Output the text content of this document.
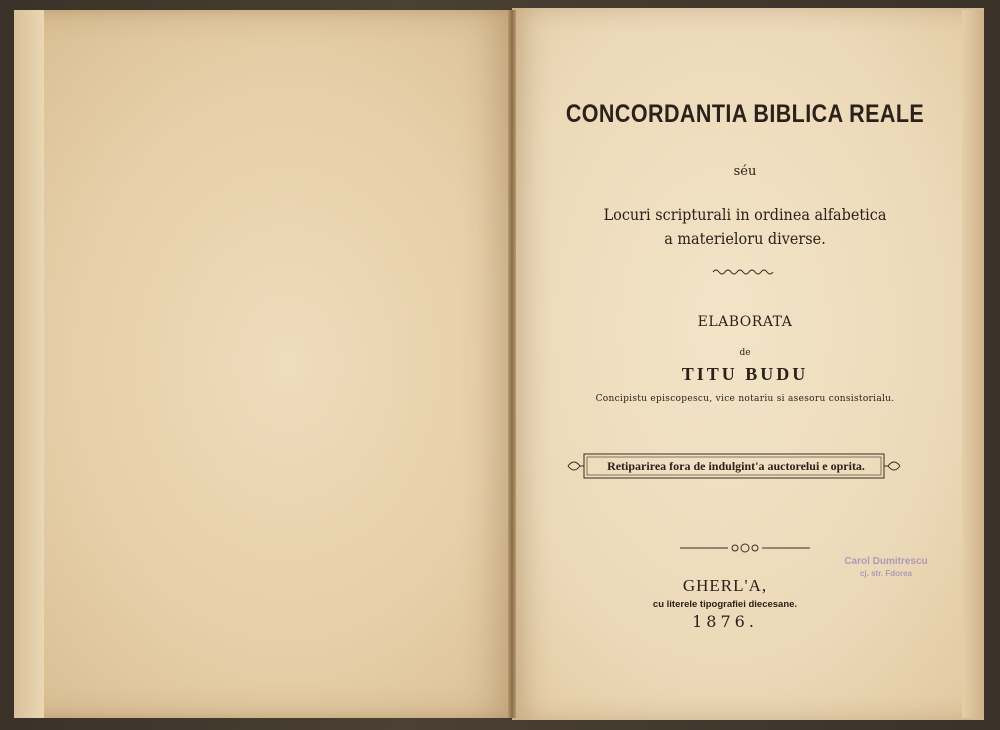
CONCORDANTIA BIBLICA REALE
séu
Locuri scripturali in ordinea alfabetica
a materieloru diverse.
ELABORATA
de
TITU BUDU
Concipistu episcopescu, vice notariu si asesoru consistorialu.
Retiparirea fora de indulgint'a auctorelui e oprita.
GHERL'A,
cu literele tipografiei diecesane.
1876.
Carol Dumitrescu
cj. str. Fdorea
